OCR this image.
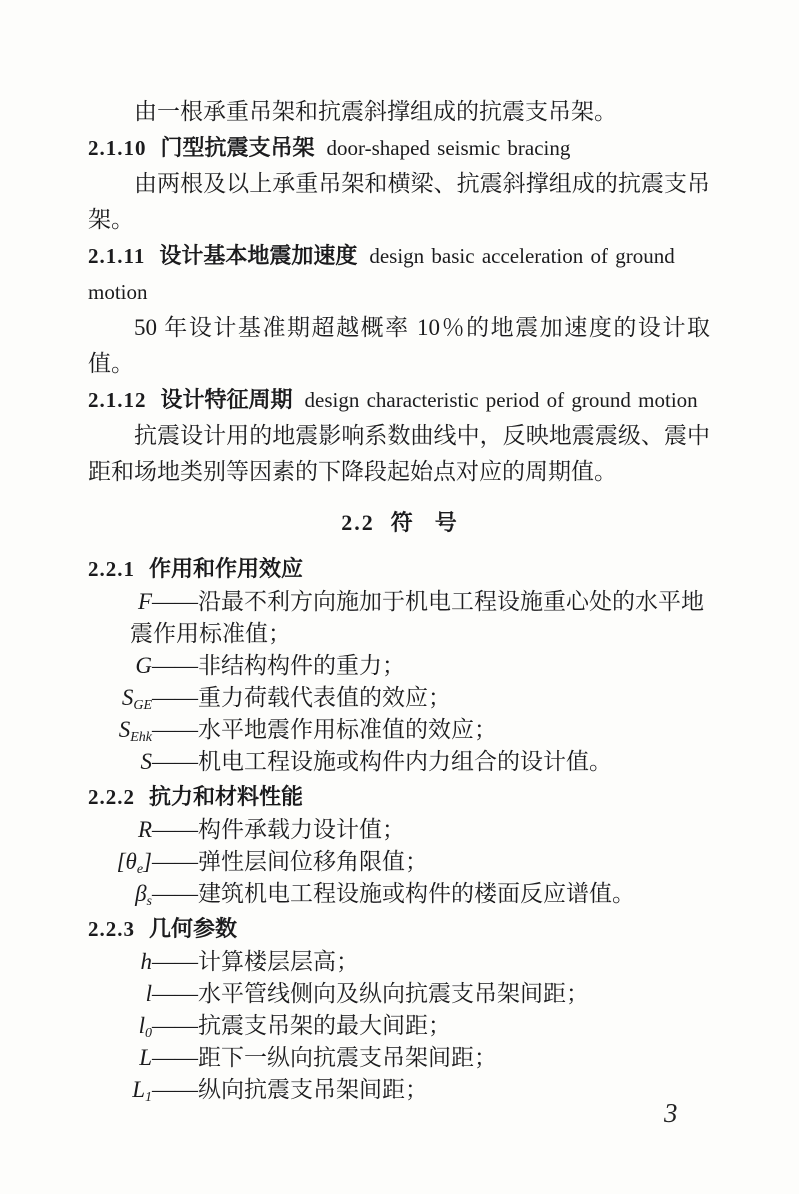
由一根承重吊架和抗震斜撑组成的抗震支吊架。

2.1.10 门型抗震支吊架 door-shaped seismic bracing

由两根及以上承重吊架和横梁、抗震斜撑组成的抗震支吊架。

2.1.11 设计基本地震加速度 design basic acceleration of ground motion

50 年设计基准期超越概率 10％的地震加速度的设计取值。

2.1.12 设计特征周期 design characteristic period of ground motion

抗震设计用的地震影响系数曲线中，反映地震震级、震中距和场地类别等因素的下降段起始点对应的周期值。

2.2 符　号

2.2.1 作用和作用效应

F——沿最不利方向施加于机电工程设施重心处的水平地震作用标准值；

G——非结构构件的重力；

$S_{GE}——$重力荷载代表值的效应；

$S_{Ehk}——$水平地震作用标准值的效应；

S——机电工程设施或构件内力组合的设计值。

2.2.2 抗力和材料性能

R——构件承载力设计值；

$[\theta_e]——$弹性层间位移角限值；

$\beta_s——$建筑机电工程设施或构件的楼面反应谱值。

2.2.3 几何参数

h——计算楼层层高；

l——水平管线侧向及纵向抗震支吊架间距；

$l_0——$抗震支吊架的最大间距；

L——距下一纵向抗震支吊架间距；

$L_1——$纵向抗震支吊架间距；

3
